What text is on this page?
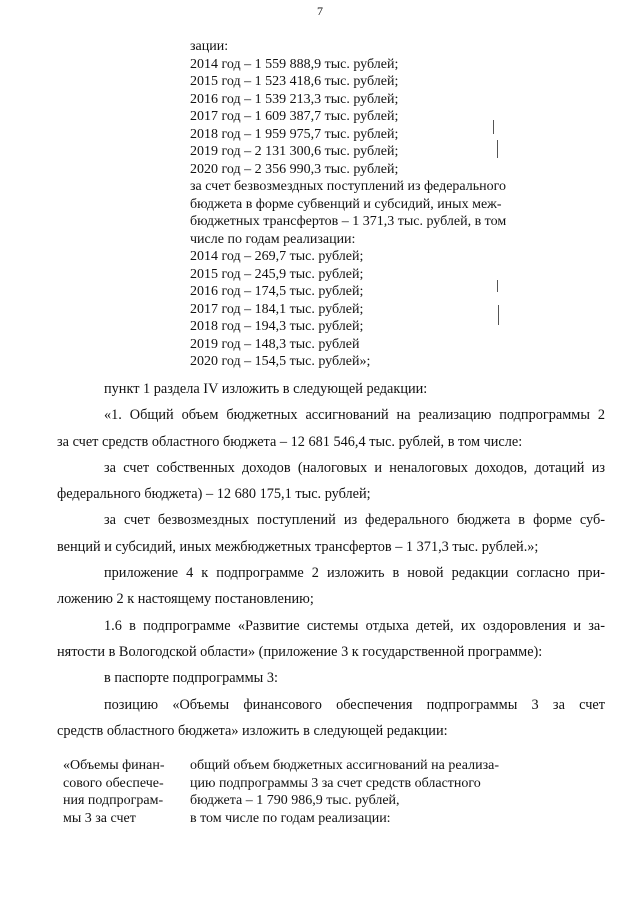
7
зации:
2014 год – 1 559 888,9 тыс. рублей;
2015 год – 1 523 418,6 тыс. рублей;
2016 год – 1 539 213,3 тыс. рублей;
2017 год – 1 609 387,7 тыс. рублей;
2018 год – 1 959 975,7 тыс. рублей;
2019 год – 2 131 300,6 тыс. рублей;
2020 год – 2 356 990,3 тыс. рублей;
за счет безвозмездных поступлений из федерального
бюджета в форме субвенций и субсидий, иных меж-
бюджетных трансфертов – 1 371,3 тыс. рублей, в том
числе по годам реализации:
2014 год – 269,7 тыс. рублей;
2015 год – 245,9 тыс. рублей;
2016 год – 174,5 тыс. рублей;
2017 год – 184,1 тыс. рублей;
2018 год – 194,3 тыс. рублей;
2019 год – 148,3 тыс. рублей
2020 год – 154,5 тыс. рублей»;
пункт 1 раздела IV изложить в следующей редакции:
«1. Общий объем бюджетных ассигнований на реализацию подпрограммы 2
за счет средств областного бюджета – 12 681 546,4 тыс. рублей, в том числе:
за счет собственных доходов (налоговых и неналоговых доходов, дотаций из
федерального бюджета) – 12 680 175,1 тыс. рублей;
за счет безвозмездных поступлений из федерального бюджета в форме суб-
венций и субсидий, иных межбюджетных трансфертов – 1 371,3 тыс. рублей.»;
приложение 4 к подпрограмме 2 изложить в новой редакции согласно при-
ложению 2 к настоящему постановлению;
1.6 в подпрограмме «Развитие системы отдыха детей, их оздоровления и за-
нятости в Вологодской области» (приложение 3 к государственной программе):
в паспорте подпрограммы 3:
позицию «Объемы финансового обеспечения подпрограммы 3 за счет
средств областного бюджета» изложить в следующей редакции:
«Объемы финан-
сового обеспече-
ния подпрограм-
мы 3 за счет
общий объем бюджетных ассигнований на реализа-
цию подпрограммы 3 за счет средств областного
бюджета – 1 790 986,9 тыс. рублей,
в том числе по годам реализации:
